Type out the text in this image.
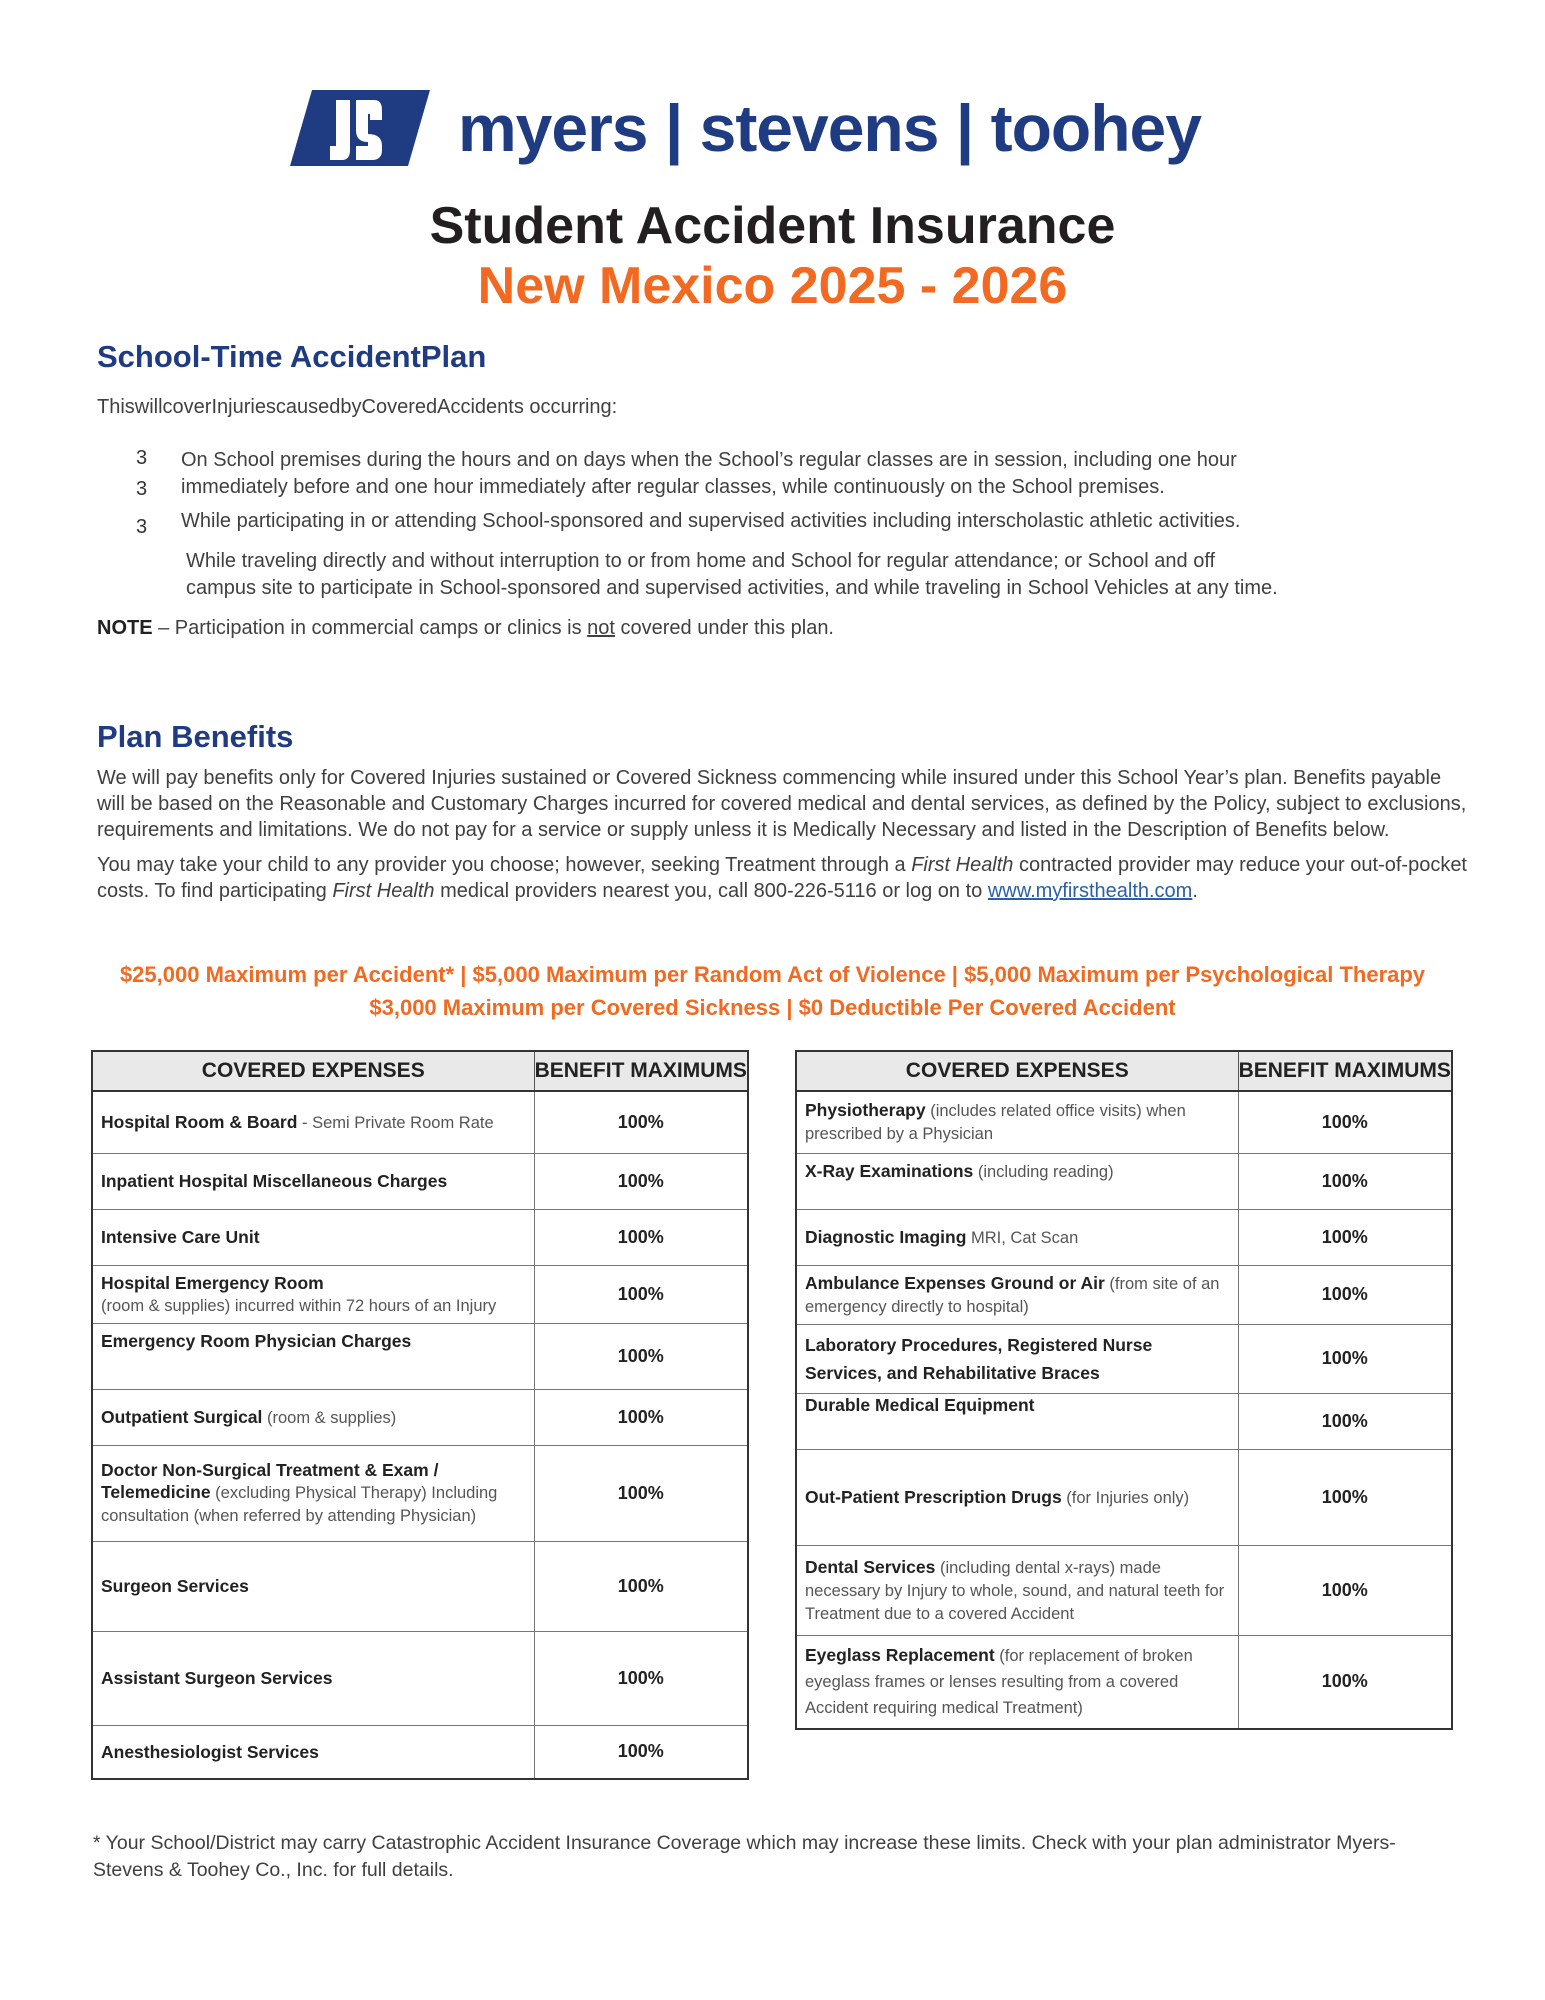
myers | stevens | toohey
Student Accident Insurance
New Mexico 2025 - 2026
School-Time AccidentPlan
ThiswillcoverInjuriescausedbyCoveredAccidents occurring:
3
3
3
On School premises during the hours and on days when the School’s regular classes are in session, including one hour
immediately before and one hour immediately after regular classes, while continuously on the School premises.
While participating in or attending School-sponsored and supervised activities including interscholastic athletic activities.
While traveling directly and without interruption to or from home and School for regular attendance; or School and off
campus site to participate in School-sponsored and supervised activities, and while traveling in School Vehicles at any time.
NOTE – Participation in commercial camps or clinics is not covered under this plan.
Plan Benefits
We will pay benefits only for Covered Injuries sustained or Covered Sickness commencing while insured under this School Year’s plan. Benefits payable
will be based on the Reasonable and Customary Charges incurred for covered medical and dental services, as defined by the Policy, subject to exclusions,
requirements and limitations. We do not pay for a service or supply unless it is Medically Necessary and listed in the Description of Benefits below.
You may take your child to any provider you choose; however, seeking Treatment through a First Health contracted provider may reduce your out-of-pocket
costs. To find participating First Health medical providers nearest you, call 800-226-5116 or log on to www.myfirsthealth.com.
$25,000 Maximum per Accident* | $5,000 Maximum per Random Act of Violence | $5,000 Maximum per Psychological Therapy
$3,000 Maximum per Covered Sickness | $0 Deductible Per Covered Accident
COVERED EXPENSES	BENEFIT MAXIMUMS
Hospital Room & Board - Semi Private Room Rate	100%
Inpatient Hospital Miscellaneous Charges	100%
Intensive Care Unit	100%
Hospital Emergency Room
(room & supplies) incurred within 72 hours of an Injury	100%
Emergency Room Physician Charges	100%
Outpatient Surgical (room & supplies)	100%
Doctor Non-Surgical Treatment & Exam / Telemedicine (excluding Physical Therapy) Including consultation (when referred by attending Physician)	100%
Surgeon Services	100%
Assistant Surgeon Services	100%
Anesthesiologist Services	100%
COVERED EXPENSES	BENEFIT MAXIMUMS
Physiotherapy (includes related office visits) when prescribed by a Physician	100%
X-Ray Examinations (including reading)	100%
Diagnostic Imaging MRI, Cat Scan	100%
Ambulance Expenses Ground or Air (from site of an emergency directly to hospital)	100%
Laboratory Procedures, Registered Nurse Services, and Rehabilitative Braces	100%
Durable Medical Equipment	100%
Out-Patient Prescription Drugs (for Injuries only)	100%
Dental Services (including dental x-rays) made necessary by Injury to whole, sound, and natural teeth for Treatment due to a covered Accident	100%
Eyeglass Replacement (for replacement of broken eyeglass frames or lenses resulting from a covered Accident requiring medical Treatment)	100%
* Your School/District may carry Catastrophic Accident Insurance Coverage which may increase these limits. Check with your plan administrator Myers-
Stevens & Toohey Co., Inc. for full details.
